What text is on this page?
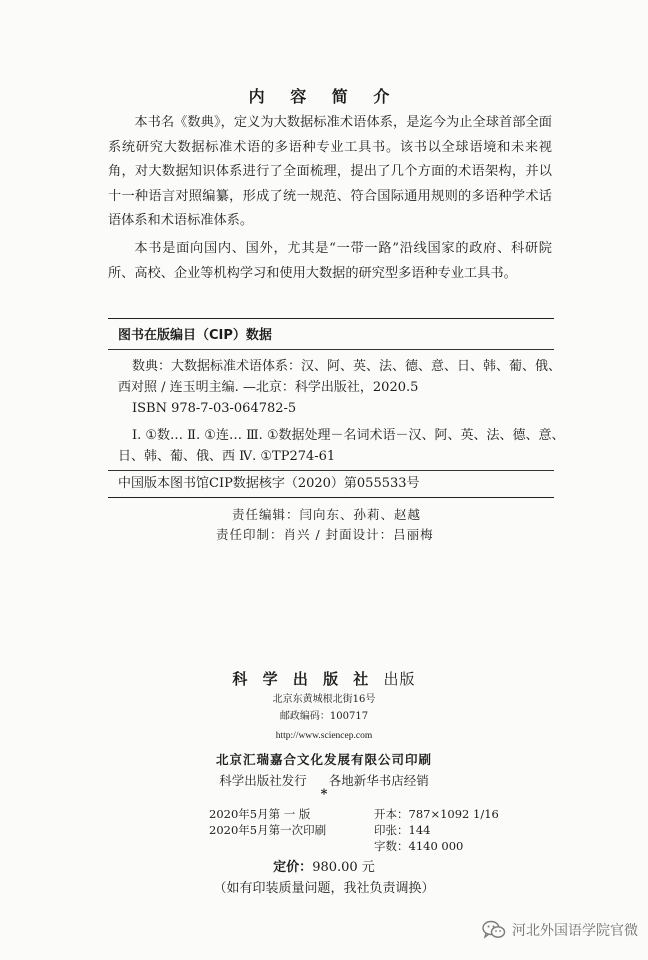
内 容 简 介

本书名《数典》，定义为大数据标准术语体系，是迄今为止全球首部全面系统研究大数据标准术语的多语种专业工具书。该书以全球语境和未来视角，对大数据知识体系进行了全面梳理，提出了几个方面的术语架构，并以十一种语言对照编纂，形成了统一规范、符合国际通用规则的多语种学术话语体系和术语标准体系。

本书是面向国内、国外，尤其是“一带一路”沿线国家的政府、科研院所、高校、企业等机构学习和使用大数据的研究型多语种专业工具书。

图书在版编目（CIP）数据

数典：大数据标准术语体系：汉、阿、英、法、德、意、日、韩、葡、俄、

西对照 / 连玉明主编. —北京：科学出版社，2020.5

ISBN 978-7-03-064782-5

Ⅰ. ①数… Ⅱ. ①连… Ⅲ. ①数据处理－名词术语－汉、阿、英、法、德、意、

日、韩、葡、俄、西 Ⅳ. ①TP274-61

中国版本图书馆CIP数据核字（2020）第055533号
责任编辑：闫向东、孙莉、赵越
责任印制：肖兴 / 封面设计：吕丽梅
科 学 出 版 社 出版
北京东黄城根北街16号
邮政编码：100717
http://www.sciencep.com
北京汇瑞嘉合文化发展有限公司印刷
科学出版社发行 各地新华书店经销
*
2020年5月第 一 版	开本：787×1092 1/16
2020年5月第一次印刷	印张：144
字数：4140 000
定价：980.00 元
（如有印装质量问题，我社负责调换）
河北外国语学院官微
